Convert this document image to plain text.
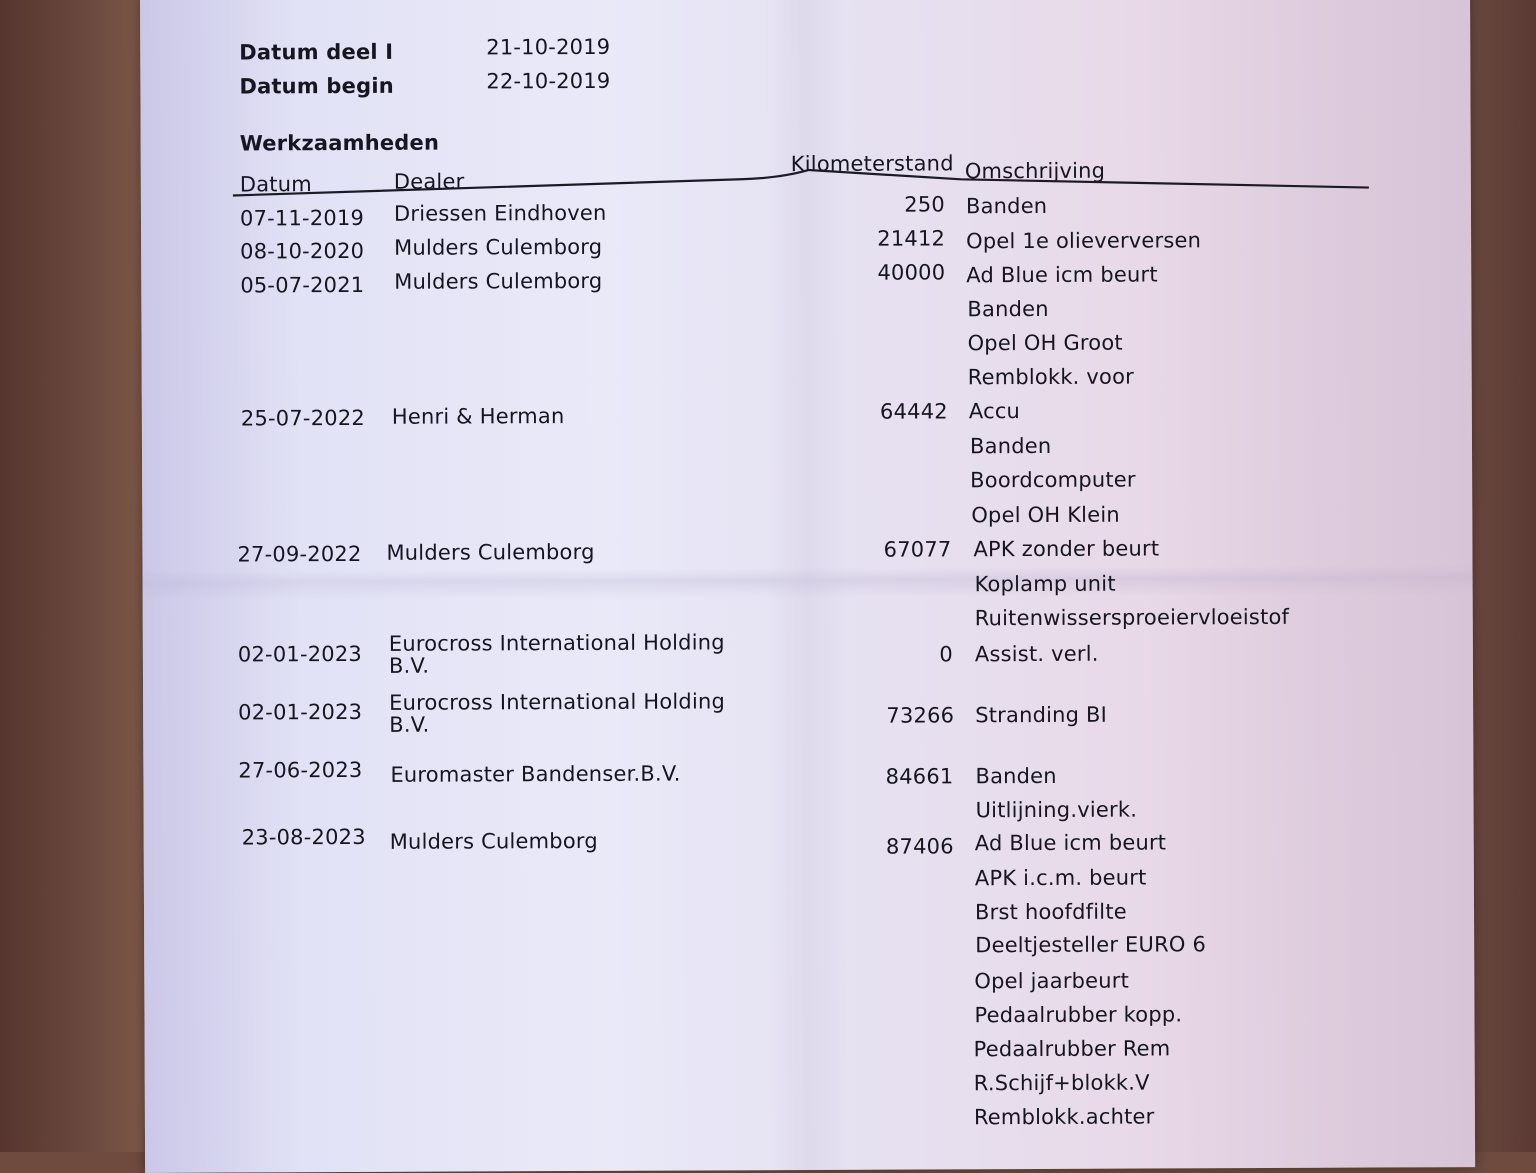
Datum deel I	21-10-2019
Datum begin	22-10-2019
Werkzaamheden
Datum	Dealer
Kilometerstand Omschrijving
07-11-2019 Driessen Eindhoven	250 Banden
08-10-2020 Mulders Culemborg	21412 Opel 1e olieverversen
05-07-2021 Mulders Culemborg	40000 Ad Blue icm beurt
Banden
Opel OH Groot
Remblokk. voor
25-07-2022 Henri & Herman	64442 Accu
Banden
Boordcomputer
Opel OH Klein
27-09-2022 Mulders Culemborg	67077 APK zonder beurt
Koplamp unit
Ruitenwissersproeiervloeistof
02-01-2023 Eurocross International Holding B.V.	0 Assist. verl.
02-01-2023 Eurocross International Holding B.V.	73266 Stranding BI
27-06-2023 Euromaster Bandenser.B.V.	84661 Banden
Uitlijning.vierk.
23-08-2023 Mulders Culemborg	87406 Ad Blue icm beurt
APK i.c.m. beurt
Brst hoofdfilte
Deeltjesteller EURO 6
Opel jaarbeurt
Pedaalrubber kopp.
Pedaalrubber Rem
R.Schijf+blokk.V
Remblokk.achter
